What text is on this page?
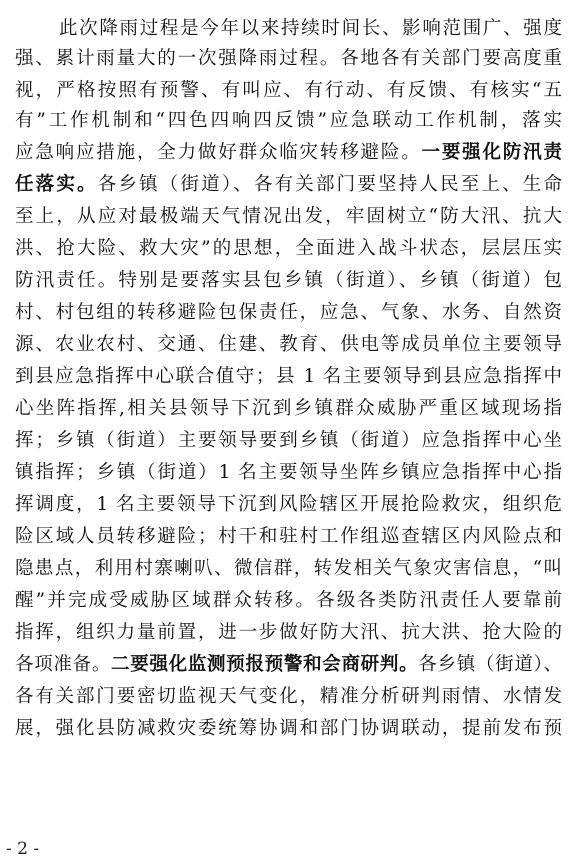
此次降雨过程是今年以来持续时间长、影响范围广、强度
强、累计雨量大的一次强降雨过程。各地各有关部门要高度重
视，严格按照有预警、有叫应、有行动、有反馈、有核实“五
有”工作机制和“四色四响四反馈”应急联动工作机制，落实
应急响应措施，全力做好群众临灾转移避险。一要强化防汛责
任落实。各乡镇（街道）、各有关部门要坚持人民至上、生命
至上，从应对最极端天气情况出发，牢固树立“防大汛、抗大
洪、抢大险、救大灾”的思想，全面进入战斗状态，层层压实
防汛责任。特别是要落实县包乡镇（街道）、乡镇（街道）包
村、村包组的转移避险包保责任，应急、气象、水务、自然资
源、农业农村、交通、住建、教育、供电等成员单位主要领导
到县应急指挥中心联合值守；县 1 名主要领导到县应急指挥中
心坐阵指挥,相关县领导下沉到乡镇群众威胁严重区域现场指
挥；乡镇（街道）主要领导要到乡镇（街道）应急指挥中心坐
镇指挥；乡镇（街道）1 名主要领导坐阵乡镇应急指挥中心指
挥调度，1 名主要领导下沉到风险辖区开展抢险救灾，组织危
险区域人员转移避险；村干和驻村工作组巡查辖区内风险点和
隐患点，利用村寨喇叭、微信群，转发相关气象灾害信息，“叫
醒”并完成受威胁区域群众转移。各级各类防汛责任人要靠前
指挥，组织力量前置，进一步做好防大汛、抗大洪、抢大险的
各项准备。二要强化监测预报预警和会商研判。各乡镇（街道）、
各有关部门要密切监视天气变化，精准分析研判雨情、水情发
展，强化县防减救灾委统筹协调和部门协调联动，提前发布预
- 2 -
